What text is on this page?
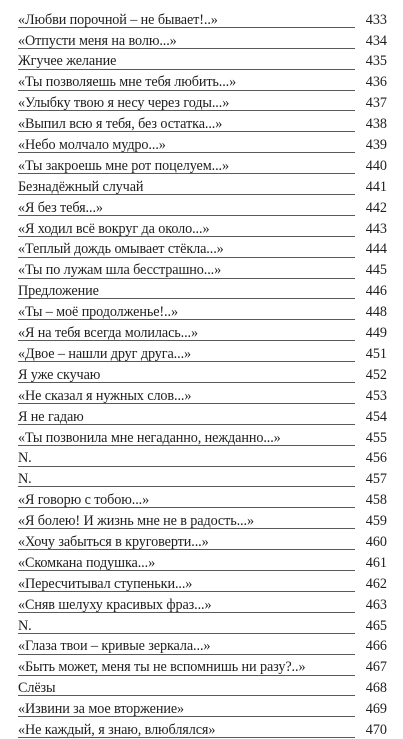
«Любви порочной – не бывает!..»	433
«Отпусти меня на волю...»	434
Жгучее желание	435
«Ты позволяешь мне тебя любить...»	436
«Улыбку твою я несу через годы...»	437
«Выпил всю я тебя, без остатка...»	438
«Небо молчало мудро...»	439
«Ты закроешь мне рот поцелуем...»	440
Безнадёжный случай	441
«Я без тебя...»	442
«Я ходил всё вокруг да около...»	443
«Теплый дождь омывает стёкла...»	444
«Ты по лужам шла бесстрашно...»	445
Предложение	446
«Ты – моё продолженье!..»	448
«Я на тебя всегда молилась...»	449
«Двое – нашли друг друга...»	451
Я уже скучаю	452
«Не сказал я нужных слов...»	453
Я не гадаю	454
«Ты позвонила мне негаданно, нежданно...»	455
N.	456
N.	457
«Я говорю с тобою...»	458
«Я болею! И жизнь мне не в радость...»	459
«Хочу забыться в круговерти...»	460
«Скомкана подушка...»	461
«Пересчитывал ступеньки...»	462
«Сняв шелуху красивых фраз...»	463
N.	465
«Глаза твои – кривые зеркала...»	466
«Быть может, меня ты не вспомнишь ни разу?..»	467
Слёзы	468
«Извини за мое вторжение»	469
«Не каждый, я знаю, влюблялся»	470
